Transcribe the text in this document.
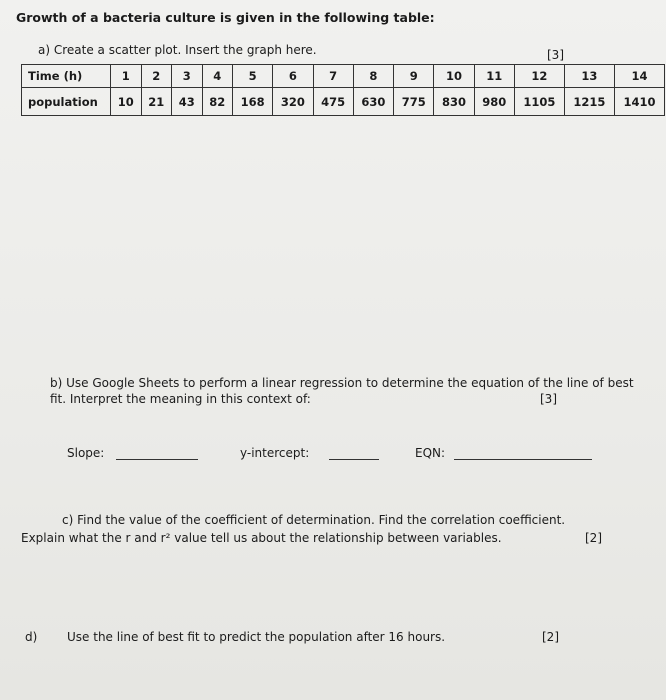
Growth of a bacteria culture is given in the following table:
a) Create a scatter plot. Insert the graph here.	[3]
Time (h)	1	2	3	4	5	6	7	8	9	10	11	12	13	14
population	10	21	43	82	168	320	475	630	775	830	980	1105	1215	1410
b) Use Google Sheets to perform a linear regression to determine the equation of the line of best fit. Interpret the meaning in this context of:	[3]
Slope:	y-intercept:	EQN:
c) Find the value of the coefficient of determination. Find the correlation coefficient.
Explain what the r and r² value tell us about the relationship between variables.	[2]
d) Use the line of best fit to predict the population after 16 hours.	[2]
